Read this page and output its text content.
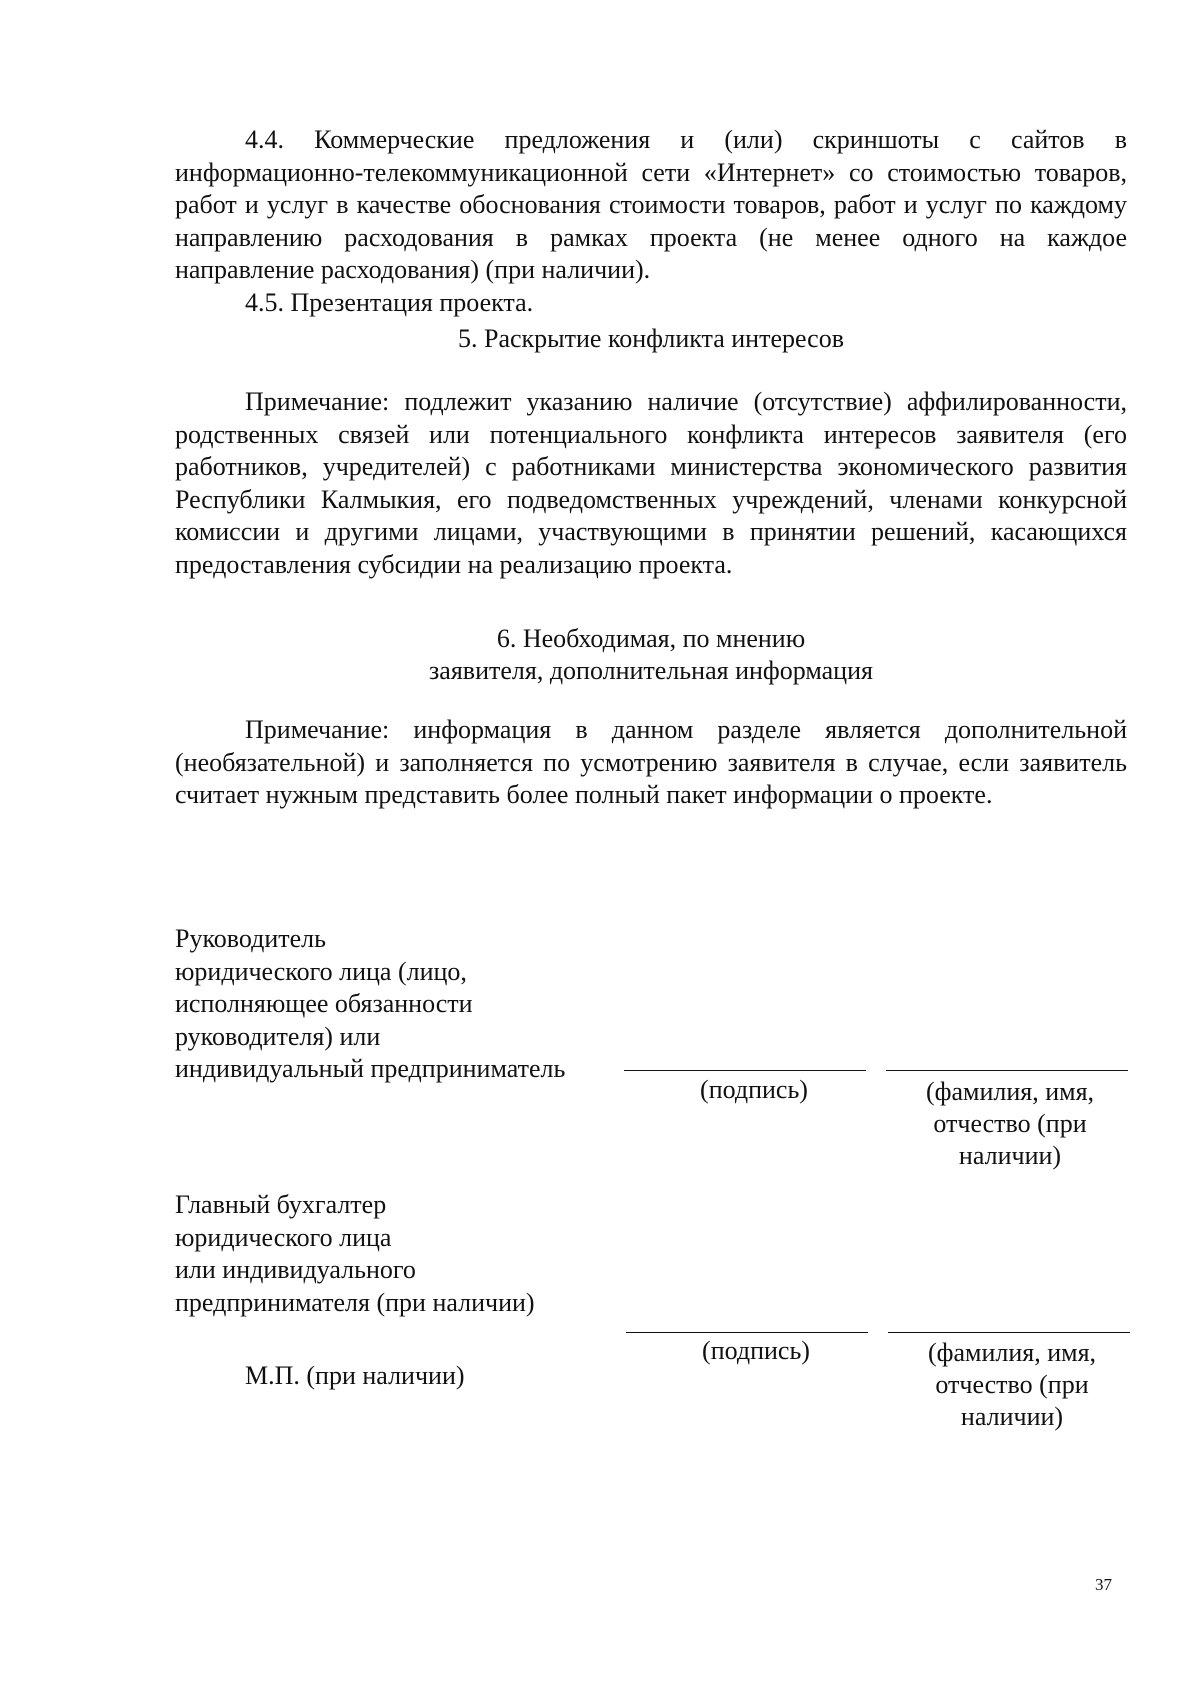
4.4. Коммерческие предложения и (или) скриншоты с сайтов в информационно-телекоммуникационной сети «Интернет» со стоимостью товаров, работ и услуг в качестве обоснования стоимости товаров, работ и услуг по каждому направлению расходования в рамках проекта (не менее одного на каждое направление расходования) (при наличии).

4.5. Презентация проекта.

5. Раскрытие конфликта интересов

Примечание: подлежит указанию наличие (отсутствие) аффилированности, родственных связей или потенциального конфликта интересов заявителя (его работников, учредителей) с работниками министерства экономического развития Республики Калмыкия, его подведомственных учреждений, членами конкурсной комиссии и другими лицами, участвующими в принятии решений, касающихся предоставления субсидии на реализацию проекта.

6. Необходимая, по мнению
заявителя, дополнительная информация

Примечание: информация в данном разделе является дополнительной (необязательной) и заполняется по усмотрению заявителя в случае, если заявитель считает нужным представить более полный пакет информации о проекте.

Руководитель
юридического лица (лицо,
исполняющее обязанности
руководителя) или
индивидуальный предприниматель
(подпись)	(фамилия, имя,
отчество (при
наличии)
Главный бухгалтер
юридического лица
или индивидуального
предпринимателя (при наличии)
(подпись)	(фамилия, имя,
отчество (при
наличии)
М.П. (при наличии)
37
